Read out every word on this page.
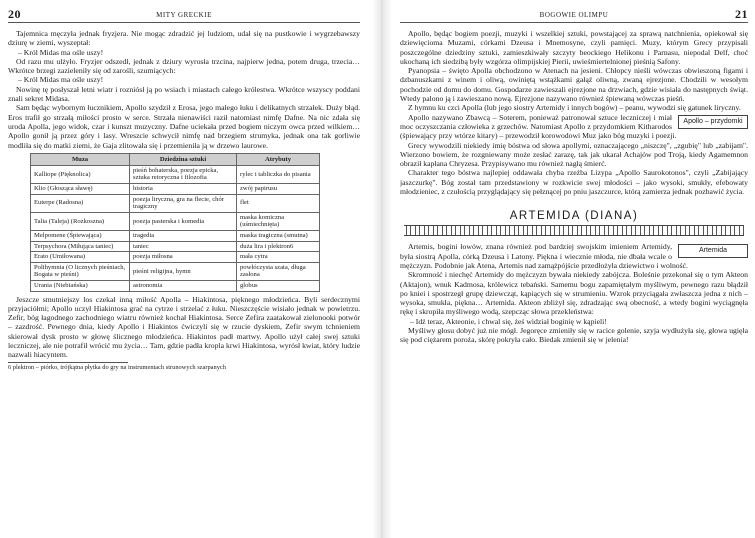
20	MITY GRECKIE

Tajemnica męczyła jednak fryzjera. Nie mogąc zdradzić jej ludziom, udał się na pustkowie i wygrzebawszy dziurę w ziemi, wyszeptał:

– Król Midas ma ośle uszy!

Od razu mu ulżyło. Fryzjer odszedł, jednak z dziury wyrosła trzcina, najpierw jedna, potem druga, trzecia… Wkrótce brzegi zazieleniły się od zarośli, szumiących:

– Król Midas ma ośle uszy!

Nowinę tę posłyszał letni wiatr i rozniósł ją po wsiach i miastach całego królestwa. Wkrótce wszyscy poddani znali sekret Midasa.

Sam będąc wybornym łucznikiem, Apollo szydził z Erosa, jego małego łuku i delikatnych strzałek. Duży błąd. Eros trafił go strzałą miłości prosto w serce. Strzała nienawiści raził natomiast nimfę Dafne. Na nic zdała się uroda Apolla, jego widok, czar i kunszt muzyczny. Dafne uciekała przed bogiem niczym owca przed wilkiem… Apollo gonił ją przez góry i lasy. Wreszcie schwycił nimfę nad brzegiem strumyka, jednak ona tak gorliwie modliła się do matki ziemi, że Gaja zlitowała się i przemieniła ją w drzewo laurowe.

Muza	Dziedzina sztuki	Atrybuty
Kalliope (Pięknolica)	pieśń bohaterska, poezja epicka, sztuka retoryczna i filozofia	rylec i tabliczka do pisania
Klio (Głosząca sławę)	historia	zwój papirusu
Euterpe (Radosna)	poezja liryczna, gra na flecie, chór tragiczny	flet
Talia (Taleja) (Rozkoszna)	poezja pasterska i komedia	maska komiczna (uśmiechnięta)
Melpomene (Śpiewająca)	tragedia	maska tragiczna (smutna)
Terpsychora (Miłująca taniec)	taniec	duża lira i plektron6
Erato (Umiłowana)	poezja miłosna	mała cytra
Polihymnia (O licznych pieśniach, Bogata w pieśni)	pieśni religijna, hymn	powłóczysta szata, długa zasłona
Urania (Niebiańska)	astronomia	globus

Jeszcze smutniejszy los czekał inną miłość Apolla – Hiakintosa, pięknego młodzieńca. Byli serdecznymi przyjaciółmi; Apollo uczył Hiakintosa grać na cytrze i strzelać z łuku. Nieszczęście wisiało jednak w powietrzu. Zefir, bóg łagodnego zachodniego wiatru również kochał Hiakintosa. Serce Zefira zaatakował zielonooki potwór – zazdrość. Pewnego dnia, kiedy Apollo i Hiakintos ćwiczyli się w rzucie dyskiem, Zefir swym tchnieniem skierował dysk prosto w głowę ślicznego młodzieńca. Hiakintos padł martwy. Apollo użył całej swej sztuki leczniczej, ale nie potrafił wrócić mu życia… Tam, gdzie padła kropla krwi Hiakintosa, wyrósł kwiat, który ludzie nazwali hiacyntem.

6 plektron – piórko, trójkątna płytka do gry na instrumentach strunowych szarpanych
BOGOWIE OLIMPU	21

Apollo, będąc bogiem poezji, muzyki i wszelkiej sztuki, powstającej za sprawą natchnienia, opiekował się dziewięcioma Muzami, córkami Dzeusa i Mnemosyne, czyli pamięci. Muzy, którym Grecy przypisali poszczególne dziedziny sztuki, zamieszkiwały szczyty beockiego Helikonu i Parnasu, niepodal Delf, choć ukochaną ich siedzibą były wzgórza olimpijskiej Pierii, uwieśmiertelnionej pieśnią Safony.

Pyanopsia – święto Apolla obchodzono w Atenach na jesieni. Chłopcy nieśli wówczas obwieszoną figami i dzbanuszkami z winem i oliwą, owiniętą wstążkami gałąź oliwną, zwaną ejrezjone. Chodzili w wesołym pochodzie od domu do domu. Gospodarze zawieszali ejrezjone na drzwiach, gdzie wisiała do następnych świąt. Wtedy palono ją i zawieszano nową. Ejrezjone nazywano również śpiewaną wówczas pieśń.

Z hymnu ku czci Apolla (lub jego siostry Artemidy i innych bogów) – peanu, wywodzi się gatunek liryczny.

Apollo – przydomki

Apollo nazywano Zbawcą – Soterem, ponieważ patronował sztuce leczniczej i miał moc oczyszczania człowieka z grzechów. Natomiast Apollo z przydomkiem Kitharodos (śpiewający przy wtórze kitary) – przewodził korowodowi Muz jako bóg muzyki i poezji.

Grecy wywodzili niekiedy imię bóstwa od słowa apollymi, oznaczającego „niszczę", „zgubię" lub „zabijam". Wierzono bowiem, że rozgniewany może zesłać zarazę, tak jak ukarał Achajów pod Troją, kiedy Agamemnon obraził kapłana Chryzesa. Przypisywano mu również nagłą śmierć.

Charakter tego bóstwa najlepiej oddawała chyba rzeźba Lizypa „Apollo Saurokotonos", czyli „Zabijający jaszczurkę". Bóg został tam przedstawiony w rozkwicie swej młodości – jako wysoki, smukły, efebowaty młodzieniec, z czułością przyglądający się pełznącej po pniu jaszczurce, którą zamierza jednak pozbawić życia.

ARTEMIDA (DIANA)
Artemida

Artemis, bogini łowów, znana również pod bardziej swojskim imieniem Artemidy, była siostrą Apolla, córką Dzeusa i Latony. Piękna i wiecznie młoda, nie dbała wcale o mężczyzn. Podobnie jak Atena, Artemis nad zamążpójście przedłożyła dziewictwo i wolność.

Skromność i niechęć Artemidy do mężczyzn bywała niekiedy zabójcza. Boleśnie przekonał się o tym Akteon (Aktajon), wnuk Kadmosa, królewicz tebański. Samemu bogu zapamiętałym myśliwym, pewnego razu błądził po kniei i spostrzegł grupę dziewcząt, kąpiących się w strumieniu. Wzrok przyciągała zwłaszcza jedna z nich – wysoka, smukła, piękna… Artemida. Akteon zbliżył się, zdradzając swą obecność, a wtedy bogini wyciągnęła rękę i skropiła myśliwego wodą, szepcząc słowa przekleństwa:

– Idź teraz, Akteonie, i chwal się, żeś widział boginię w kąpieli!

Myśliwy głosu dobyć już nie mógł. Jegoręce zmieniły się w racice golenie, szyja wydłużyła się, głowa ugięła się pod ciężarem poroża, skórę pokryła cało. Biedak zmienił się w jelenia!
